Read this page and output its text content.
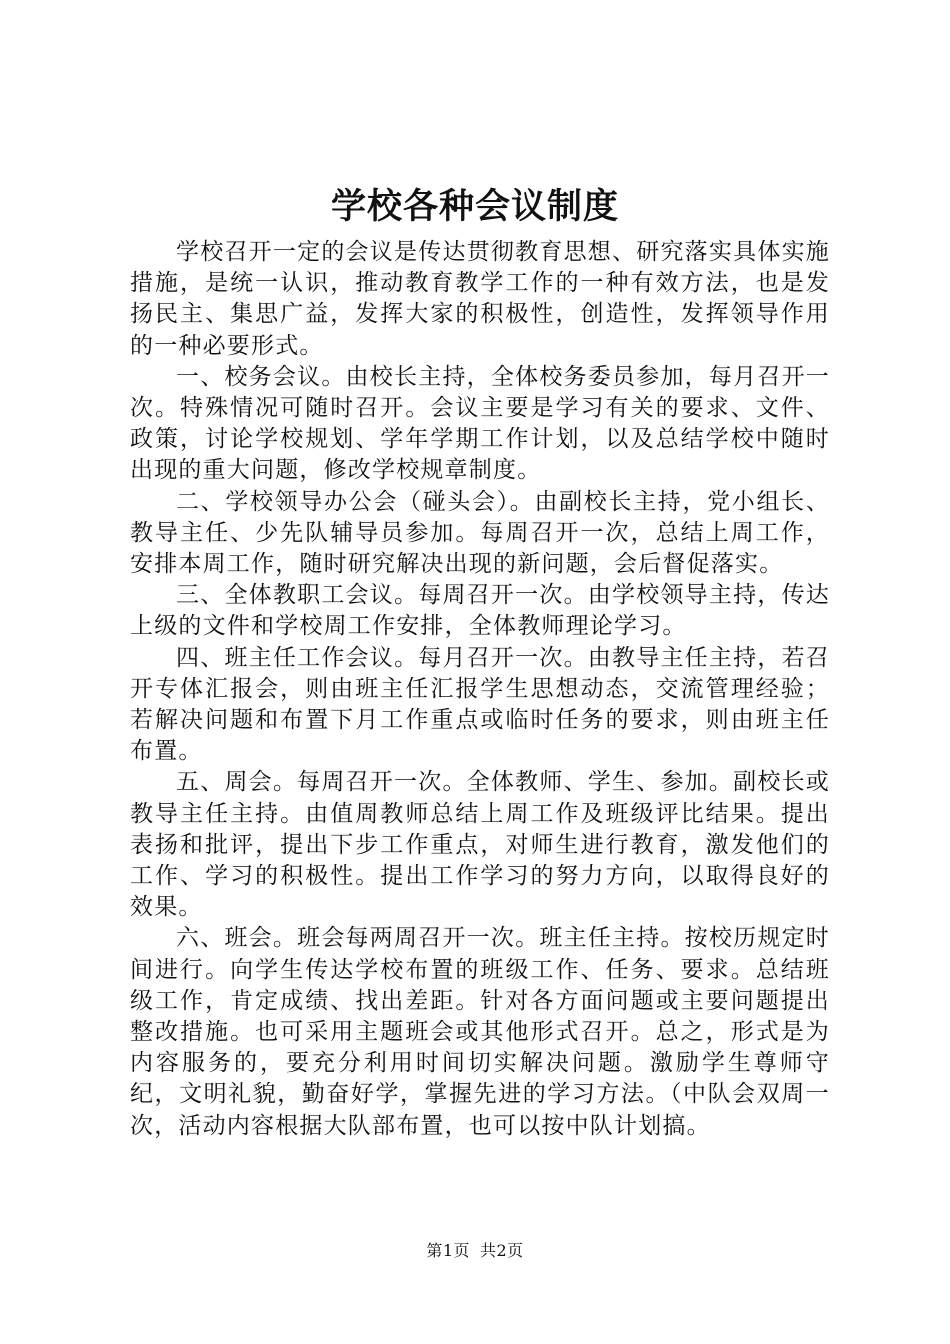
学校各种会议制度

学校召开一定的会议是传达贯彻教育思想、研究落实具体实施措施，是统一认识，推动教育教学工作的一种有效方法，也是发扬民主、集思广益，发挥大家的积极性，创造性，发挥领导作用的一种必要形式。

一、校务会议。由校长主持，全体校务委员参加，每月召开一次。特殊情况可随时召开。会议主要是学习有关的要求、文件、政策，讨论学校规划、学年学期工作计划，以及总结学校中随时出现的重大问题，修改学校规章制度。

二、学校领导办公会（碰头会）。由副校长主持，党小组长、教导主任、少先队辅导员参加。每周召开一次，总结上周工作，安排本周工作，随时研究解决出现的新问题，会后督促落实。

三、全体教职工会议。每周召开一次。由学校领导主持，传达上级的文件和学校周工作安排，全体教师理论学习。

四、班主任工作会议。每月召开一次。由教导主任主持，若召开专体汇报会，则由班主任汇报学生思想动态，交流管理经验；若解决问题和布置下月工作重点或临时任务的要求，则由班主任布置。

五、周会。每周召开一次。全体教师、学生、参加。副校长或教导主任主持。由值周教师总结上周工作及班级评比结果。提出表扬和批评，提出下步工作重点，对师生进行教育，激发他们的工作、学习的积极性。提出工作学习的努力方向，以取得良好的效果。

六、班会。班会每两周召开一次。班主任主持。按校历规定时间进行。向学生传达学校布置的班级工作、任务、要求。总结班级工作，肯定成绩、找出差距。针对各方面问题或主要问题提出整改措施。也可采用主题班会或其他形式召开。总之，形式是为内容服务的，要充分利用时间切实解决问题。激励学生尊师守纪，文明礼貌，勤奋好学，掌握先进的学习方法。（中队会双周一次，活动内容根据大队部布置，也可以按中队计划搞。

第1页 共2页
